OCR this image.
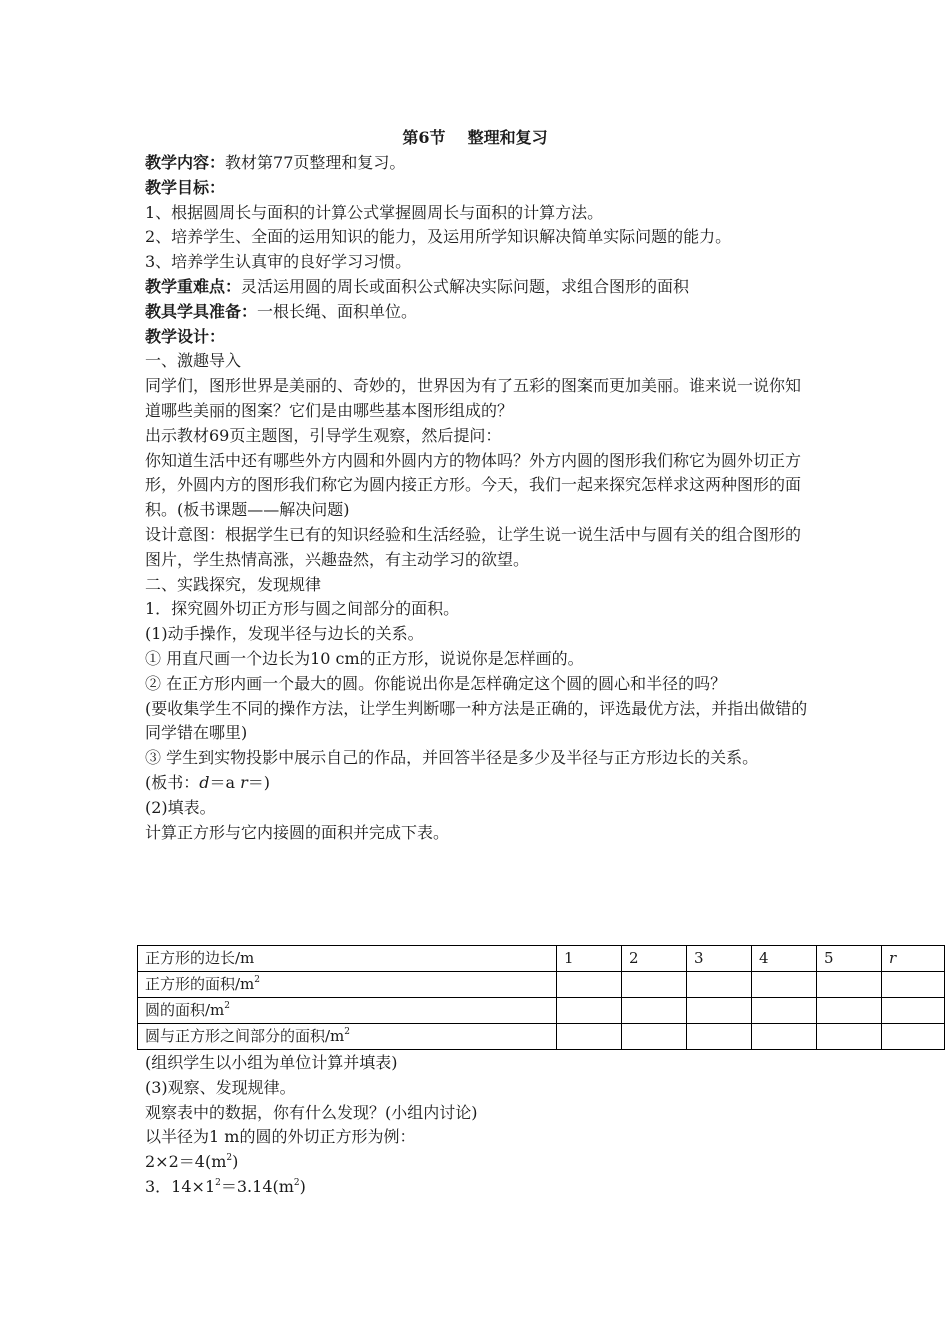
第6节 整理和复习

教学内容：教材第77页整理和复习。

教学目标：

1、根据圆周长与面积的计算公式掌握圆周长与面积的计算方法。

2、培养学生、全面的运用知识的能力，及运用所学知识解决简单实际问题的能力。

3、培养学生认真审的良好学习习惯。

教学重难点：灵活运用圆的周长或面积公式解决实际问题，求组合图形的面积

教具学具准备：一根长绳、面积单位。

教学设计：

一、激趣导入

同学们，图形世界是美丽的、奇妙的，世界因为有了五彩的图案而更加美丽。谁来说一说你知道哪些美丽的图案？它们是由哪些基本图形组成的？

出示教材69页主题图，引导学生观察，然后提问：

你知道生活中还有哪些外方内圆和外圆内方的物体吗？外方内圆的图形我们称它为圆外切正方形，外圆内方的图形我们称它为圆内接正方形。今天，我们一起来探究怎样求这两种图形的面积。(板书课题——解决问题)

设计意图：根据学生已有的知识经验和生活经验，让学生说一说生活中与圆有关的组合图形的图片，学生热情高涨，兴趣盎然，有主动学习的欲望。

二、实践探究，发现规律

1．探究圆外切正方形与圆之间部分的面积。

(1)动手操作，发现半径与边长的关系。

① 用直尺画一个边长为10 cm的正方形，说说你是怎样画的。

② 在正方形内画一个最大的圆。你能说出你是怎样确定这个圆的圆心和半径的吗？

(要收集学生不同的操作方法，让学生判断哪一种方法是正确的，评选最优方法，并指出做错的同学错在哪里)

③ 学生到实物投影中展示自己的作品，并回答半径是多少及半径与正方形边长的关系。

(板书：d＝a r＝)

(2)填表。

计算正方形与它内接圆的面积并完成下表。

正方形的边长/m	1	2	3	4	5	r
正方形的面积$/m^2$						
圆的面积$/m^2$						
圆与正方形之间部分的面积$/m^2$						

(组织学生以小组为单位计算并填表)

(3)观察、发现规律。

观察表中的数据，你有什么发现？(小组内讨论)

以半径为1 m的圆的外切正方形为例：

$2\times 2=4(m^2)$

3．$14\times 1^2=3.14(m^2)$
